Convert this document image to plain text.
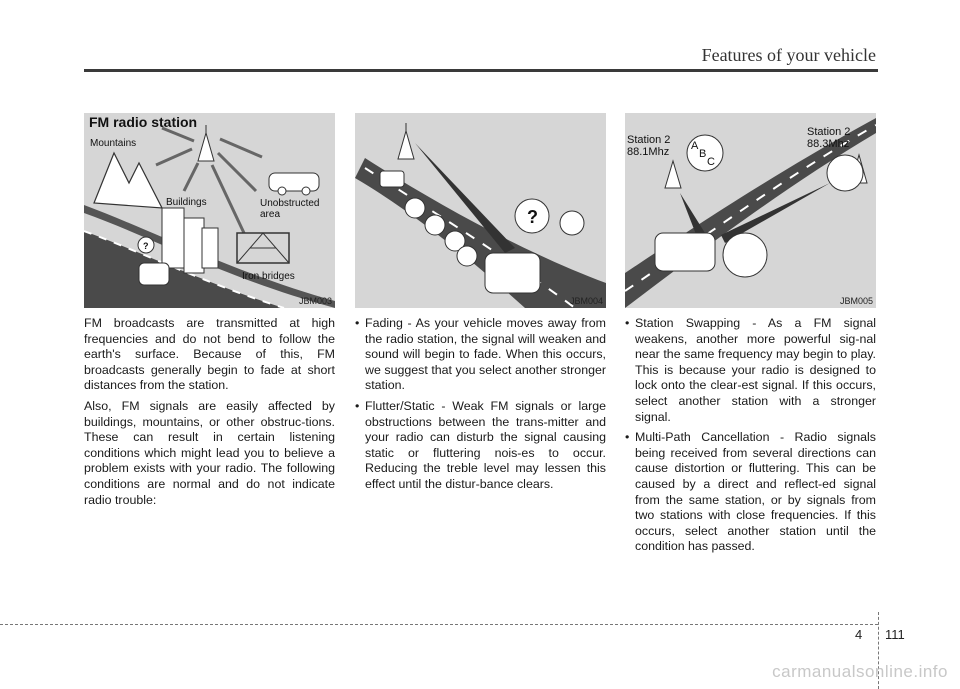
Features of your vehicle
FM radio station
Mountains
Buildings	Unobstructed
area
Iron bridges
?
JBM003
?
JBM004
Station 2
88.1Mhz
Station 2
88.3Mhz
A
B
C
JBM005

FM broadcasts are transmitted at high frequencies and do not bend to follow the earth's surface. Because of this, FM broadcasts generally begin to fade at short distances from the station.

Also, FM signals are easily affected by buildings, mountains, or other obstruc-tions. These can result in certain listening conditions which might lead you to believe a problem exists with your radio. The following conditions are normal and do not indicate radio trouble:

• Fading - As your vehicle moves away from the radio station, the signal will weaken and sound will begin to fade. When this occurs, we suggest that you select another stronger station.
• Flutter/Static - Weak FM signals or large obstructions between the trans-mitter and your radio can disturb the signal causing static or fluttering nois-es to occur. Reducing the treble level may lessen this effect until the distur-bance clears.
• Station Swapping - As a FM signal weakens, another more powerful sig-nal near the same frequency may begin to play. This is because your radio is designed to lock onto the clear-est signal. If this occurs, select another station with a stronger signal.
• Multi-Path Cancellation - Radio signals being received from several directions can cause distortion or fluttering. This can be caused by a direct and reflect-ed signal from the same station, or by signals from two stations with close frequencies. If this occurs, select another station until the condition has passed.
4 111
carmanualsonline.info
